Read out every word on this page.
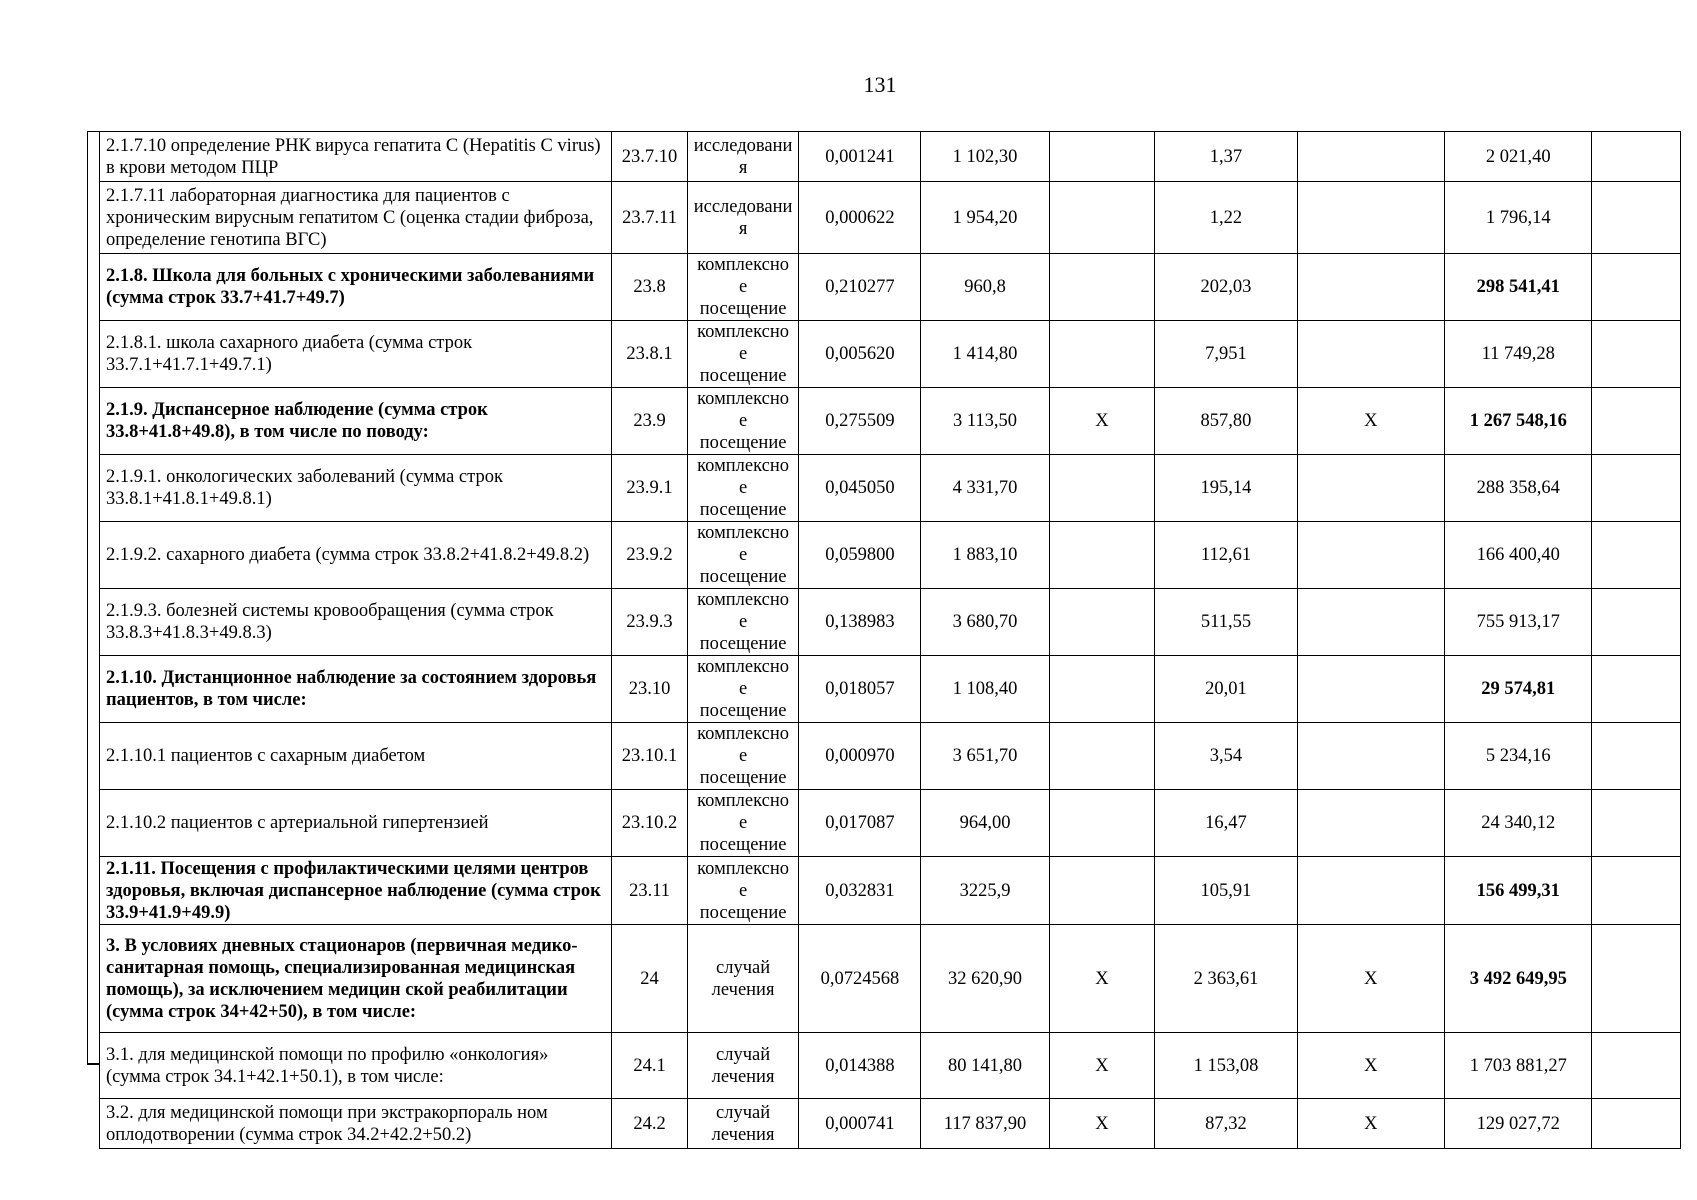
131
2.1.7.10 определение РНК вируса гепатита С (Hepatitis C virus) в крови методом ПЦР	23.7.10	исследовани я	0,001241	1 102,30		1,37		2 021,40	
2.1.7.11 лабораторная диагностика для пациентов с хроническим вирусным гепатитом С (оценка стадии фиброза, определение генотипа ВГС)	23.7.11	исследовани я	0,000622	1 954,20		1,22		1 796,14	
2.1.8. Школа для больных с хроническими заболеваниями (сумма строк 33.7+41.7+49.7)	23.8	комплексно е посещение	0,210277	960,8		202,03		298 541,41	
2.1.8.1. школа сахарного диабета (сумма строк 33.7.1+41.7.1+49.7.1)	23.8.1	комплексно е посещение	0,005620	1 414,80		7,951		11 749,28	
2.1.9. Диспансерное наблюдение (сумма строк 33.8+41.8+49.8), в том числе по поводу:	23.9	комплексно е посещение	0,275509	3 113,50	X	857,80	X	1 267 548,16	
2.1.9.1. онкологических заболеваний (сумма строк 33.8.1+41.8.1+49.8.1)	23.9.1	комплексно е посещение	0,045050	4 331,70		195,14		288 358,64	
2.1.9.2. сахарного диабета (сумма строк 33.8.2+41.8.2+49.8.2)	23.9.2	комплексно е посещение	0,059800	1 883,10		112,61		166 400,40	
2.1.9.3. болезней системы кровообращения (сумма строк 33.8.3+41.8.3+49.8.3)	23.9.3	комплексно е посещение	0,138983	3 680,70		511,55		755 913,17	
2.1.10. Дистанционное наблюдение за состоянием здоровья пациентов, в том числе:	23.10	комплексно е посещение	0,018057	1 108,40		20,01		29 574,81	
2.1.10.1 пациентов с сахарным диабетом	23.10.1	комплексно е посещение	0,000970	3 651,70		3,54		5 234,16	
2.1.10.2 пациентов с артериальной гипертензией	23.10.2	комплексно е посещение	0,017087	964,00		16,47		24 340,12	
2.1.11. Посещения с профилактическими целями центров здоровья, включая диспансерное наблюдение (сумма строк 33.9+41.9+49.9)	23.11	комплексно е посещение	0,032831	3225,9		105,91		156 499,31	
3. В условиях дневных стационаров (первичная медико-санитарная помощь, специализированная медицинская помощь), за исключением медицин ской реабилитации (сумма строк 34+42+50), в том числе:	24	случай лечения	0,0724568	32 620,90	X	2 363,61	X	3 492 649,95	
3.1. для медицинской помощи по профилю «онкология» (сумма строк 34.1+42.1+50.1), в том числе:	24.1	случай лечения	0,014388	80 141,80	X	1 153,08	X	1 703 881,27	
3.2. для медицинской помощи при экстракорпораль ном оплодотворении (сумма строк 34.2+42.2+50.2)	24.2	случай лечения	0,000741	117 837,90	X	87,32	X	129 027,72	
